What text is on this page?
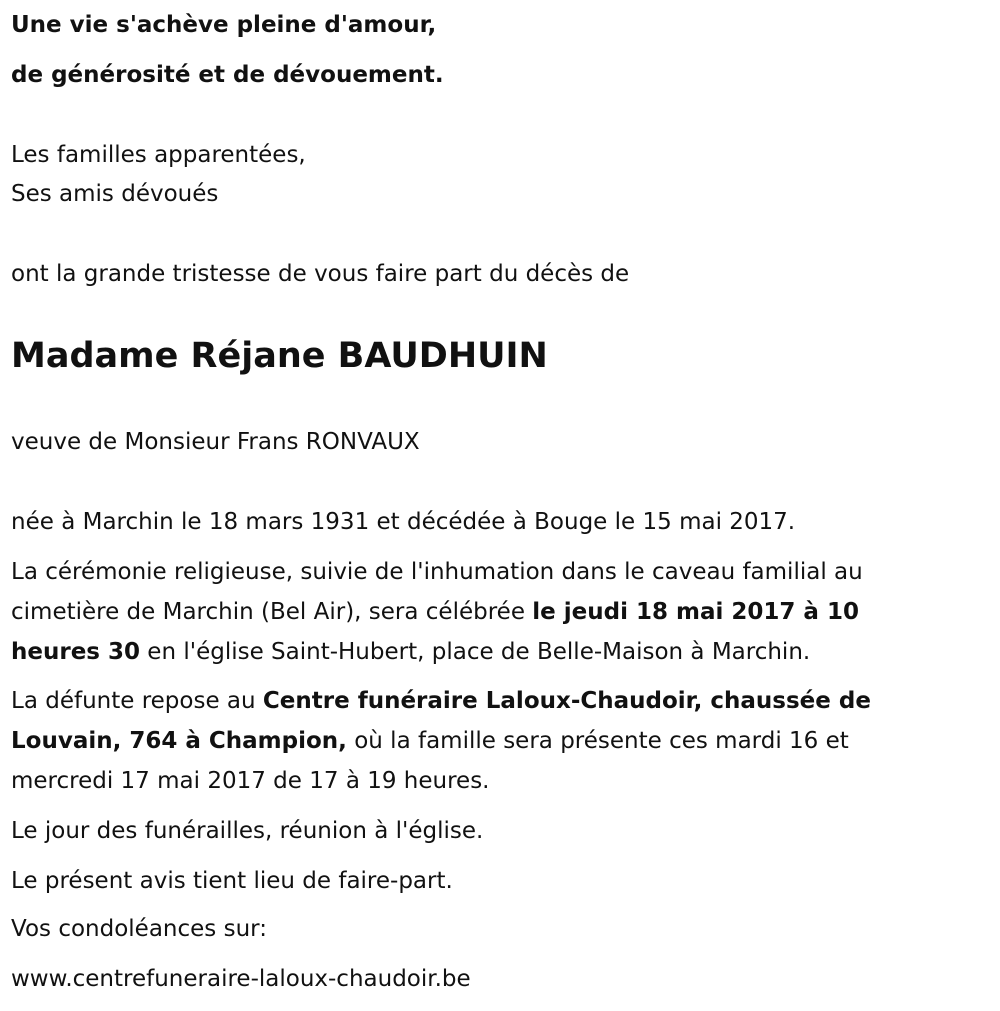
Une vie s'achève pleine d'amour,
de générosité et de dévouement.
Les familles apparentées,
Ses amis dévoués
ont la grande tristesse de vous faire part du décès de
Madame Réjane BAUDHUIN
veuve de Monsieur Frans RONVAUX
née à Marchin le 18 mars 1931 et décédée à Bouge le 15 mai 2017.
La cérémonie religieuse, suivie de l'inhumation dans le caveau familial au
cimetière de Marchin (Bel Air), sera célébrée le jeudi 18 mai 2017 à 10
heures 30 en l'église Saint-Hubert, place de Belle-Maison à Marchin.
La défunte repose au Centre funéraire Laloux-Chaudoir, chaussée de
Louvain, 764 à Champion, où la famille sera présente ces mardi 16 et
mercredi 17 mai 2017 de 17 à 19 heures.
Le jour des funérailles, réunion à l'église.
Le présent avis tient lieu de faire-part.
Vos condoléances sur:
www.centrefuneraire-laloux-chaudoir.be
